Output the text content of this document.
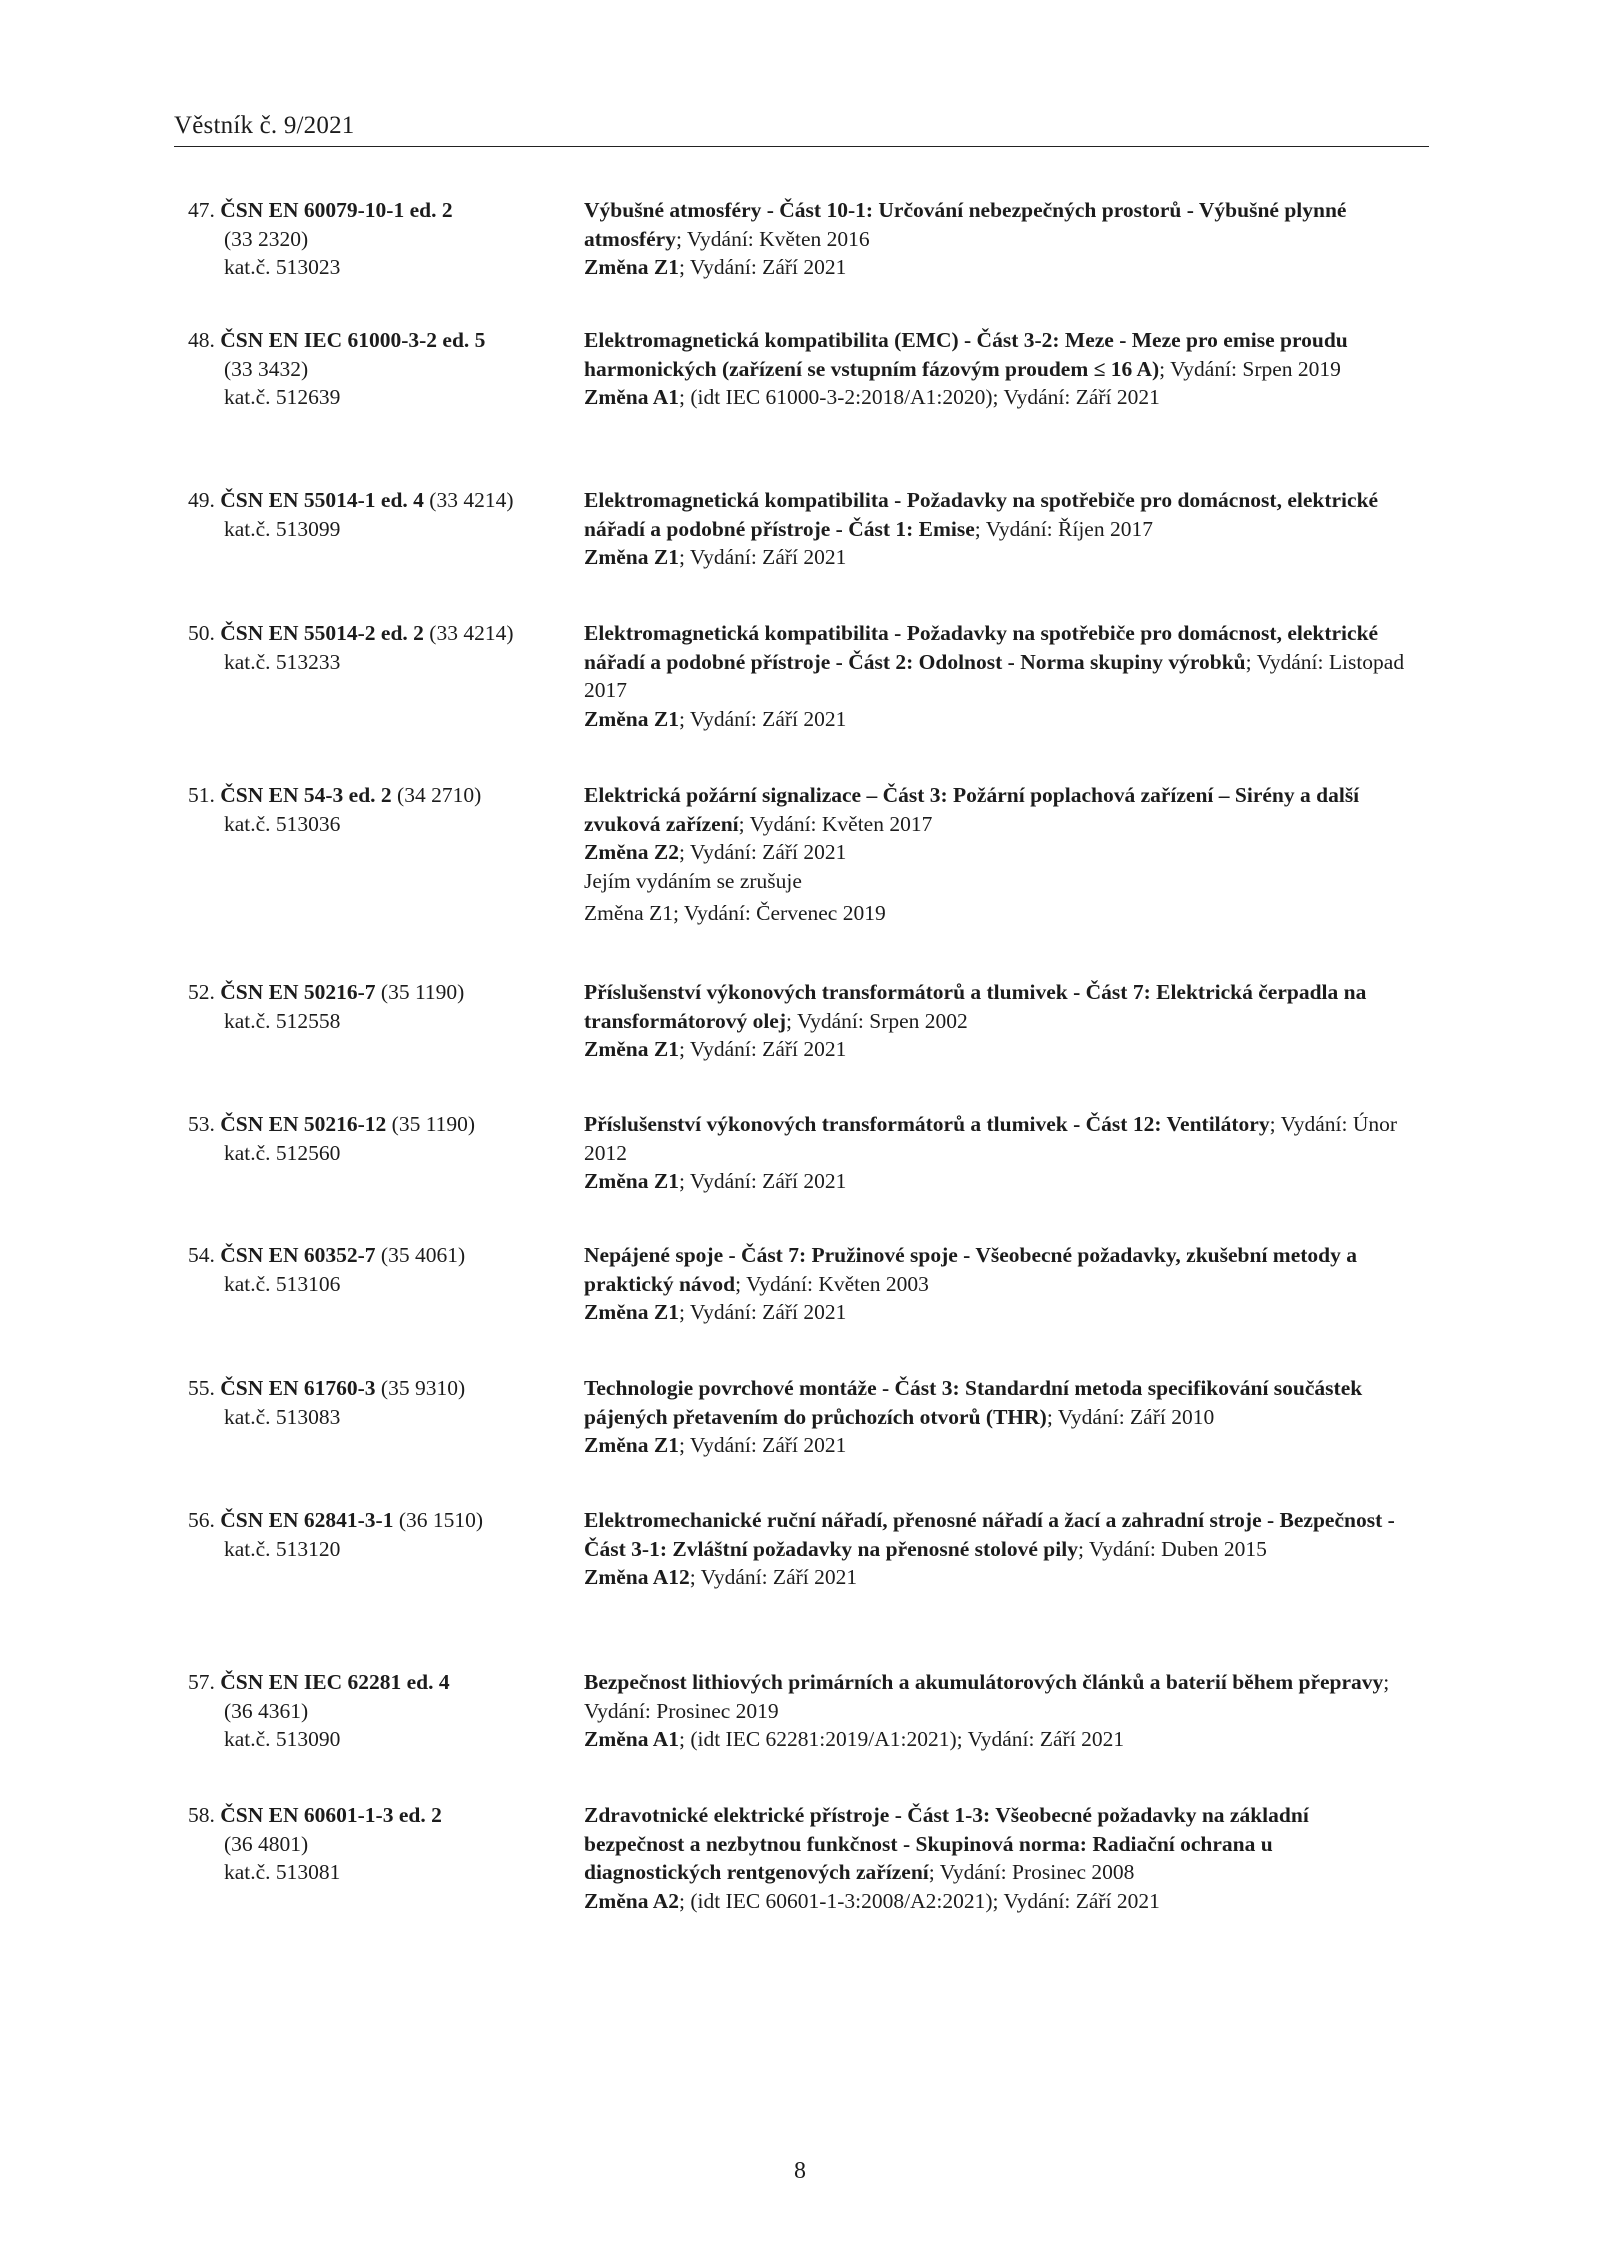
Věstník č. 9/2021
47. ČSN EN 60079-10-1 ed. 2
(33 2320)
kat.č. 513023
Výbušné atmosféry - Část 10-1: Určování nebezpečných prostorů - Výbušné plynné atmosféry; Vydání: Květen 2016
Změna Z1; Vydání: Září 2021
48. ČSN EN IEC 61000-3-2 ed. 5
(33 3432)
kat.č. 512639
Elektromagnetická kompatibilita (EMC) - Část 3-2: Meze - Meze pro emise proudu harmonických (zařízení se vstupním fázovým proudem ≤ 16 A); Vydání: Srpen 2019
Změna A1; (idt IEC 61000-3-2:2018/A1:2020); Vydání: Září 2021
49. ČSN EN 55014-1 ed. 4 (33 4214)
kat.č. 513099
Elektromagnetická kompatibilita - Požadavky na spotřebiče pro domácnost, elektrické nářadí a podobné přístroje - Část 1: Emise; Vydání: Říjen 2017
Změna Z1; Vydání: Září 2021
50. ČSN EN 55014-2 ed. 2 (33 4214)
kat.č. 513233
Elektromagnetická kompatibilita - Požadavky na spotřebiče pro domácnost, elektrické nářadí a podobné přístroje - Část 2: Odolnost - Norma skupiny výrobků; Vydání: Listopad 2017
Změna Z1; Vydání: Září 2021
51. ČSN EN 54-3 ed. 2 (34 2710)
kat.č. 513036
Elektrická požární signalizace – Část 3: Požární poplachová zařízení – Sirény a další zvuková zařízení; Vydání: Květen 2017
Změna Z2; Vydání: Září 2021
Jejím vydáním se zrušuje
Změna Z1; Vydání: Červenec 2019
52. ČSN EN 50216-7 (35 1190)
kat.č. 512558
Příslušenství výkonových transformátorů a tlumivek - Část 7: Elektrická čerpadla na transformátorový olej; Vydání: Srpen 2002
Změna Z1; Vydání: Září 2021
53. ČSN EN 50216-12 (35 1190)
kat.č. 512560
Příslušenství výkonových transformátorů a tlumivek - Část 12: Ventilátory; Vydání: Únor 2012
Změna Z1; Vydání: Září 2021
54. ČSN EN 60352-7 (35 4061)
kat.č. 513106
Nepájené spoje - Část 7: Pružinové spoje - Všeobecné požadavky, zkušební metody a praktický návod; Vydání: Květen 2003
Změna Z1; Vydání: Září 2021
55. ČSN EN 61760-3 (35 9310)
kat.č. 513083
Technologie povrchové montáže - Část 3: Standardní metoda specifikování součástek pájených přetavením do průchozích otvorů (THR); Vydání: Září 2010
Změna Z1; Vydání: Září 2021
56. ČSN EN 62841-3-1 (36 1510)
kat.č. 513120
Elektromechanické ruční nářadí, přenosné nářadí a žací a zahradní stroje - Bezpečnost - Část 3-1: Zvláštní požadavky na přenosné stolové pily; Vydání: Duben 2015
Změna A12; Vydání: Září 2021
57. ČSN EN IEC 62281 ed. 4
(36 4361)
kat.č. 513090
Bezpečnost lithiových primárních a akumulátorových článků a baterií během přepravy; Vydání: Prosinec 2019
Změna A1; (idt IEC 62281:2019/A1:2021); Vydání: Září 2021
58. ČSN EN 60601-1-3 ed. 2
(36 4801)
kat.č. 513081
Zdravotnické elektrické přístroje - Část 1-3: Všeobecné požadavky na základní bezpečnost a nezbytnou funkčnost - Skupinová norma: Radiační ochrana u diagnostických rentgenových zařízení; Vydání: Prosinec 2008
Změna A2; (idt IEC 60601-1-3:2008/A2:2021); Vydání: Září 2021
8
